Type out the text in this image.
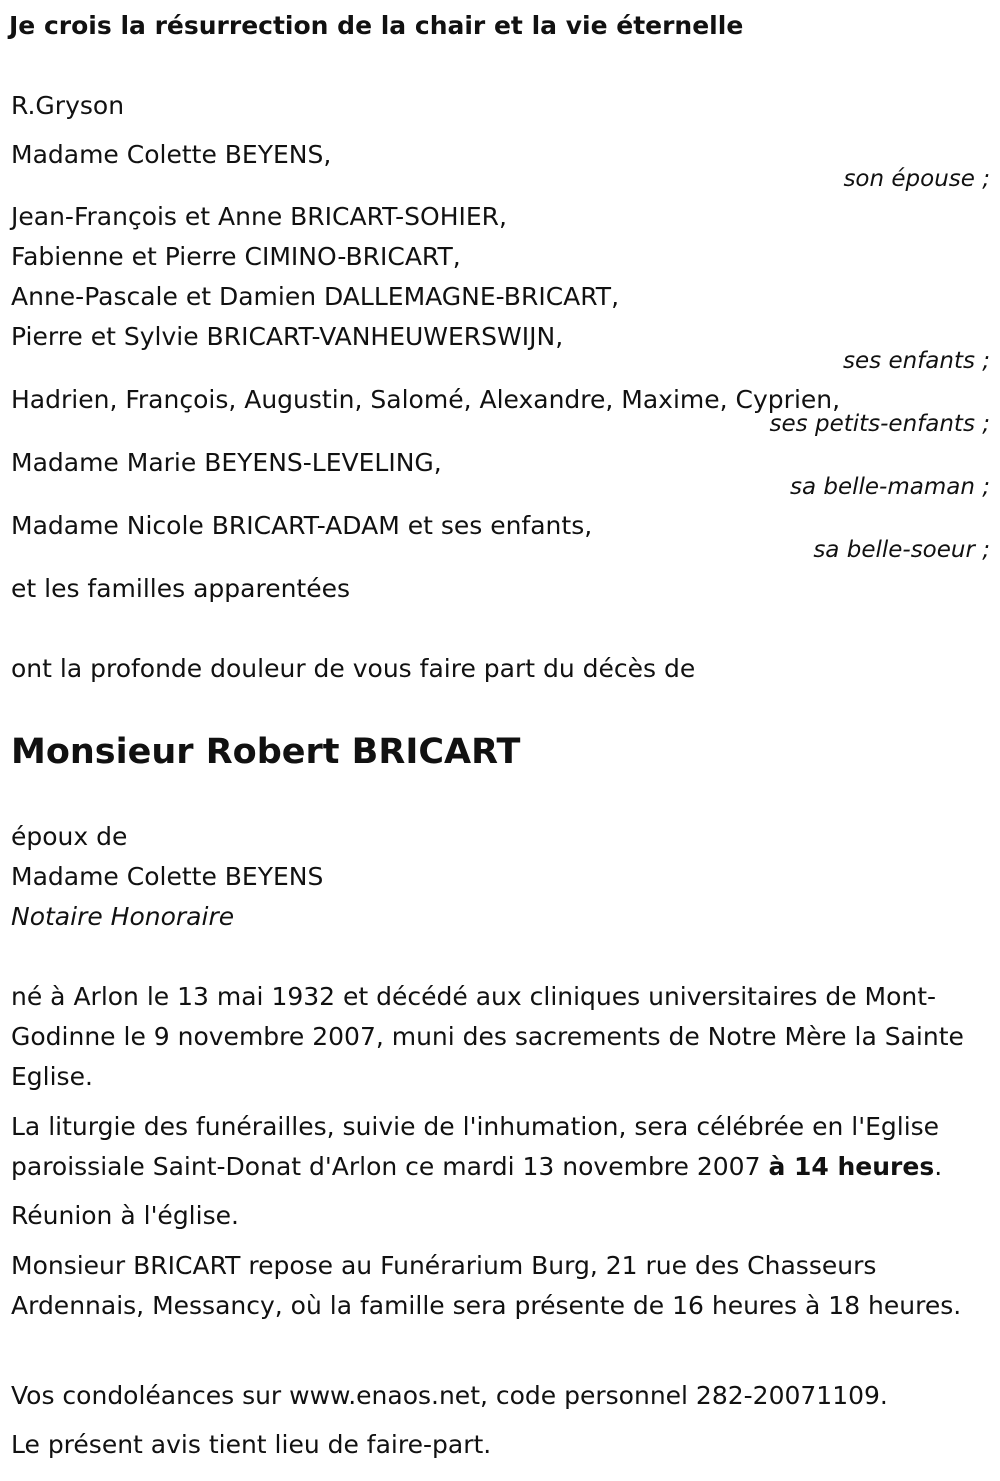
Je crois la résurrection de la chair et la vie éternelle
R.Gryson
Madame Colette BEYENS,
son épouse ;
Jean-François et Anne BRICART-SOHIER,
Fabienne et Pierre CIMINO-BRICART,
Anne-Pascale et Damien DALLEMAGNE-BRICART,
Pierre et Sylvie BRICART-VANHEUWERSWIJN,
ses enfants ;
Hadrien, François, Augustin, Salomé, Alexandre, Maxime, Cyprien,
ses petits-enfants ;
Madame Marie BEYENS-LEVELING,
sa belle-maman ;
Madame Nicole BRICART-ADAM et ses enfants,
sa belle-soeur ;
et les familles apparentées
ont la profonde douleur de vous faire part du décès de
Monsieur Robert BRICART
époux de
Madame Colette BEYENS
Notaire Honoraire
né à Arlon le 13 mai 1932 et décédé aux cliniques universitaires de Mont-Godinne le 9 novembre 2007, muni des sacrements de Notre Mère la Sainte Eglise.
La liturgie des funérailles, suivie de l'inhumation, sera célébrée en l'Eglise paroissiale Saint-Donat d'Arlon ce mardi 13 novembre 2007 à 14 heures.
Réunion à l'église.
Monsieur BRICART repose au Funérarium Burg, 21 rue des Chasseurs Ardennais, Messancy, où la famille sera présente de 16 heures à 18 heures.
Vos condoléances sur www.enaos.net, code personnel 282-20071109.
Le présent avis tient lieu de faire-part.
